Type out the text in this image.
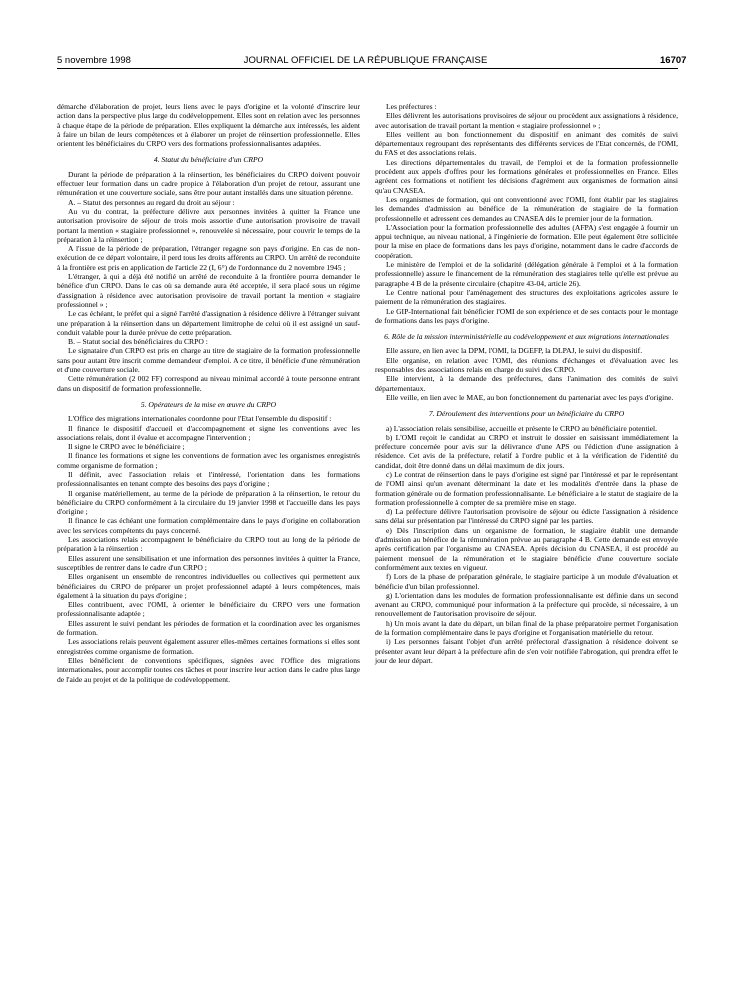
5 novembre 1998	JOURNAL OFFICIEL DE LA RÉPUBLIQUE FRANÇAISE	16707

démarche d'élaboration de projet, leurs liens avec le pays d'origine et la volonté d'inscrire leur action dans la perspective plus large du codéveloppement. Elles sont en relation avec les personnes à chaque étape de la période de préparation. Elles expliquent la démarche aux intéressés, les aident à faire un bilan de leurs compétences et à élaborer un projet de réinsertion professionnelle. Elles orientent les bénéficiaires du CRPO vers des formations professionnalisantes adaptées.

4. Statut du bénéficiaire d'un CRPO

Durant la période de préparation à la réinsertion, les bénéficiaires du CRPO doivent pouvoir effectuer leur formation dans un cadre propice à l'élaboration d'un projet de retour, assurant une rémunération et une couverture sociale, sans être pour autant installés dans une situation pérenne.

A. – Statut des personnes au regard du droit au séjour :

Au vu du contrat, la préfecture délivre aux personnes invitées à quitter la France une autorisation provisoire de séjour de trois mois assortie d'une autorisation provisoire de travail portant la mention « stagiaire professionnel », renouvelée si nécessaire, pour couvrir le temps de la préparation à la réinsertion ;

A l'issue de la période de préparation, l'étranger regagne son pays d'origine. En cas de non-exécution de ce départ volontaire, il perd tous les droits afférents au CRPO. Un arrêté de reconduite à la frontière est pris en application de l'article 22 (I, 6°) de l'ordonnance du 2 novembre 1945 ;

L'étranger, à qui a déjà été notifié un arrêté de reconduite à la frontière pourra demander le bénéfice d'un CRPO. Dans le cas où sa demande aura été acceptée, il sera placé sous un régime d'assignation à résidence avec autorisation provisoire de travail portant la mention « stagiaire professionnel » ;

Le cas échéant, le préfet qui a signé l'arrêté d'assignation à résidence délivre à l'étranger suivant une préparation à la réinsertion dans un département limitrophe de celui où il est assigné un sauf-conduit valable pour la durée prévue de cette préparation.

B. – Statut social des bénéficiaires du CRPO :

Le signataire d'un CRPO est pris en charge au titre de stagiaire de la formation professionnelle sans pour autant être inscrit comme demandeur d'emploi. A ce titre, il bénéficie d'une rémunération et d'une couverture sociale.

Cette rémunération (2 002 FF) correspond au niveau minimal accordé à toute personne entrant dans un dispositif de formation professionnelle.

5. Opérateurs de la mise en œuvre du CRPO

L'Office des migrations internationales coordonne pour l'Etat l'ensemble du dispositif :

Il finance le dispositif d'accueil et d'accompagnement et signe les conventions avec les associations relais, dont il évalue et accompagne l'intervention ;

Il signe le CRPO avec le bénéficiaire ;

Il finance les formations et signe les conventions de formation avec les organismes enregistrés comme organisme de formation ;

Il définit, avec l'association relais et l'intéressé, l'orientation dans les formations professionnalisantes en tenant compte des besoins des pays d'origine ;

Il organise matériellement, au terme de la période de préparation à la réinsertion, le retour du bénéficiaire du CRPO conformément à la circulaire du 19 janvier 1998 et l'accueille dans les pays d'origine ;

Il finance le cas échéant une formation complémentaire dans le pays d'origine en collaboration avec les services compétents du pays concerné.

Les associations relais accompagnent le bénéficiaire du CRPO tout au long de la période de préparation à la réinsertion :

Elles assurent une sensibilisation et une information des personnes invitées à quitter la France, susceptibles de rentrer dans le cadre d'un CRPO ;

Elles organisent un ensemble de rencontres individuelles ou collectives qui permettent aux bénéficiaires du CRPO de préparer un projet professionnel adapté à leurs compétences, mais également à la situation du pays d'origine ;

Elles contribuent, avec l'OMI, à orienter le bénéficiaire du CRPO vers une formation professionnalisante adaptée ;

Elles assurent le suivi pendant les périodes de formation et la coordination avec les organismes de formation.

Les associations relais peuvent également assurer elles-mêmes certaines formations si elles sont enregistrées comme organisme de formation.

Elles bénéficient de conventions spécifiques, signées avec l'Office des migrations internationales, pour accomplir toutes ces tâches et pour inscrire leur action dans le cadre plus large de l'aide au projet et de la politique de codéveloppement.

Les préfectures :

Elles délivrent les autorisations provisoires de séjour ou procèdent aux assignations à résidence, avec autorisation de travail portant la mention « stagiaire professionnel » ;

Elles veillent au bon fonctionnement du dispositif en animant des comités de suivi départementaux regroupant des représentants des différents services de l'Etat concernés, de l'OMI, du FAS et des associations relais.

Les directions départementales du travail, de l'emploi et de la formation professionnelle procèdent aux appels d'offres pour les formations générales et professionnelles en France. Elles agréent ces formations et notifient les décisions d'agrément aux organismes de formation ainsi qu'au CNASEA.

Les organismes de formation, qui ont conventionné avec l'OMI, font établir par les stagiaires les demandes d'admission au bénéfice de la rémunération de stagiaire de la formation professionnelle et adressent ces demandes au CNASEA dès le premier jour de la formation.

L'Association pour la formation professionnelle des adultes (AFPA) s'est engagée à fournir un appui technique, au niveau national, à l'ingénierie de formation. Elle peut également être sollicitée pour la mise en place de formations dans les pays d'origine, notamment dans le cadre d'accords de coopération.

Le ministère de l'emploi et de la solidarité (délégation générale à l'emploi et à la formation professionnelle) assure le financement de la rémunération des stagiaires telle qu'elle est prévue au paragraphe 4 B de la présente circulaire (chapitre 43-04, article 26).

Le Centre national pour l'aménagement des structures des exploitations agricoles assure le paiement de la rémunération des stagiaires.

Le GIP-International fait bénéficier l'OMI de son expérience et de ses contacts pour le montage de formations dans les pays d'origine.

6. Rôle de la mission interministérielle au codéveloppement et aux migrations internationales

Elle assure, en lien avec la DPM, l'OMI, la DGEFP, la DLPAJ, le suivi du dispositif.

Elle organise, en relation avec l'OMI, des réunions d'échanges et d'évaluation avec les responsables des associations relais en charge du suivi des CRPO.

Elle intervient, à la demande des préfectures, dans l'animation des comités de suivi départementaux.

Elle veille, en lien avec le MAE, au bon fonctionnement du partenariat avec les pays d'origine.

7. Déroulement des interventions pour un bénéficiaire du CRPO

a) L'association relais sensibilise, accueille et présente le CRPO au bénéficiaire potentiel.

b) L'OMI reçoit le candidat au CRPO et instruit le dossier en saisissant immédiatement la préfecture concernée pour avis sur la délivrance d'une APS ou l'édiction d'une assignation à résidence. Cet avis de la préfecture, relatif à l'ordre public et à la vérification de l'identité du candidat, doit être donné dans un délai maximum de dix jours.

c) Le contrat de réinsertion dans le pays d'origine est signé par l'intéressé et par le représentant de l'OMI ainsi qu'un avenant déterminant la date et les modalités d'entrée dans la phase de formation générale ou de formation professionnalisante. Le bénéficiaire a le statut de stagiaire de la formation professionnelle à compter de sa première mise en stage.

d) La préfecture délivre l'autorisation provisoire de séjour ou édicte l'assignation à résidence sans délai sur présentation par l'intéressé du CRPO signé par les parties.

e) Dès l'inscription dans un organisme de formation, le stagiaire établit une demande d'admission au bénéfice de la rémunération prévue au paragraphe 4 B. Cette demande est envoyée après certification par l'organisme au CNASEA. Après décision du CNASEA, il est procédé au paiement mensuel de la rémunération et le stagiaire bénéficie d'une couverture sociale conformément aux textes en vigueur.

f) Lors de la phase de préparation générale, le stagiaire participe à un module d'évaluation et bénéficie d'un bilan professionnel.

g) L'orientation dans les modules de formation professionnalisante est définie dans un second avenant au CRPO, communiqué pour information à la préfecture qui procède, si nécessaire, à un renouvellement de l'autorisation provisoire de séjour.

h) Un mois avant la date du départ, un bilan final de la phase préparatoire permet l'organisation de la formation complémentaire dans le pays d'origine et l'organisation matérielle du retour.

i) Les personnes faisant l'objet d'un arrêté préfectoral d'assignation à résidence doivent se présenter avant leur départ à la préfecture afin de s'en voir notifiée l'abrogation, qui prendra effet le jour de leur départ.
